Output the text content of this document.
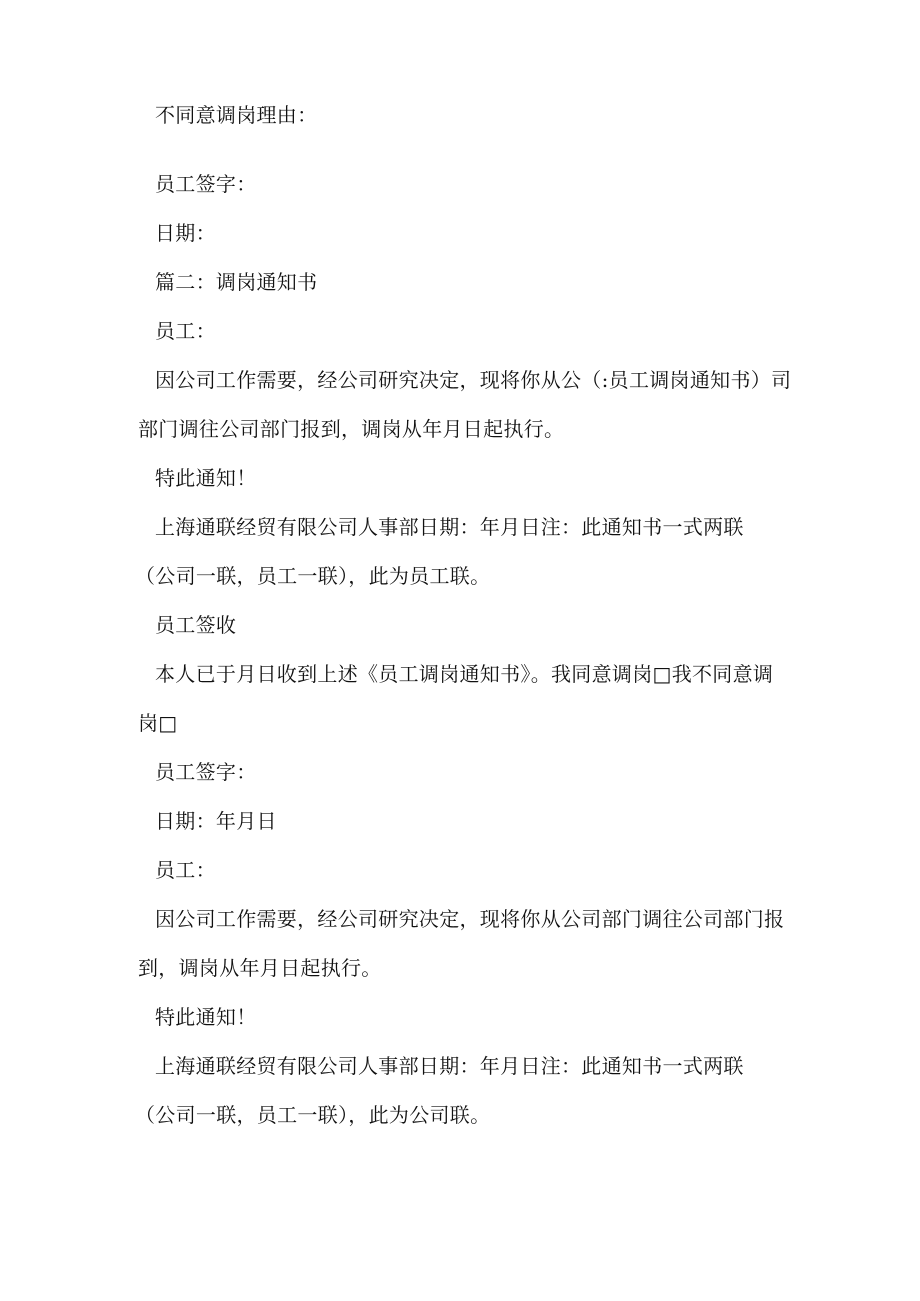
不同意调岗理由：
员工签字：
日期：
篇二：调岗通知书
员工：
因公司工作需要，经公司研究决定，现将你从公（:员工调岗通知书）司
部门调往公司部门报到，调岗从年月日起执行。
特此通知！
上海通联经贸有限公司人事部日期：年月日注：此通知书一式两联
（公司一联，员工一联），此为员工联。
员工签收
本人已于月日收到上述《员工调岗通知书》。我同意调岗□我不同意调
岗□
员工签字：
日期：年月日
员工：
因公司工作需要，经公司研究决定，现将你从公司部门调往公司部门报
到，调岗从年月日起执行。
特此通知！
上海通联经贸有限公司人事部日期：年月日注：此通知书一式两联
（公司一联，员工一联），此为公司联。
